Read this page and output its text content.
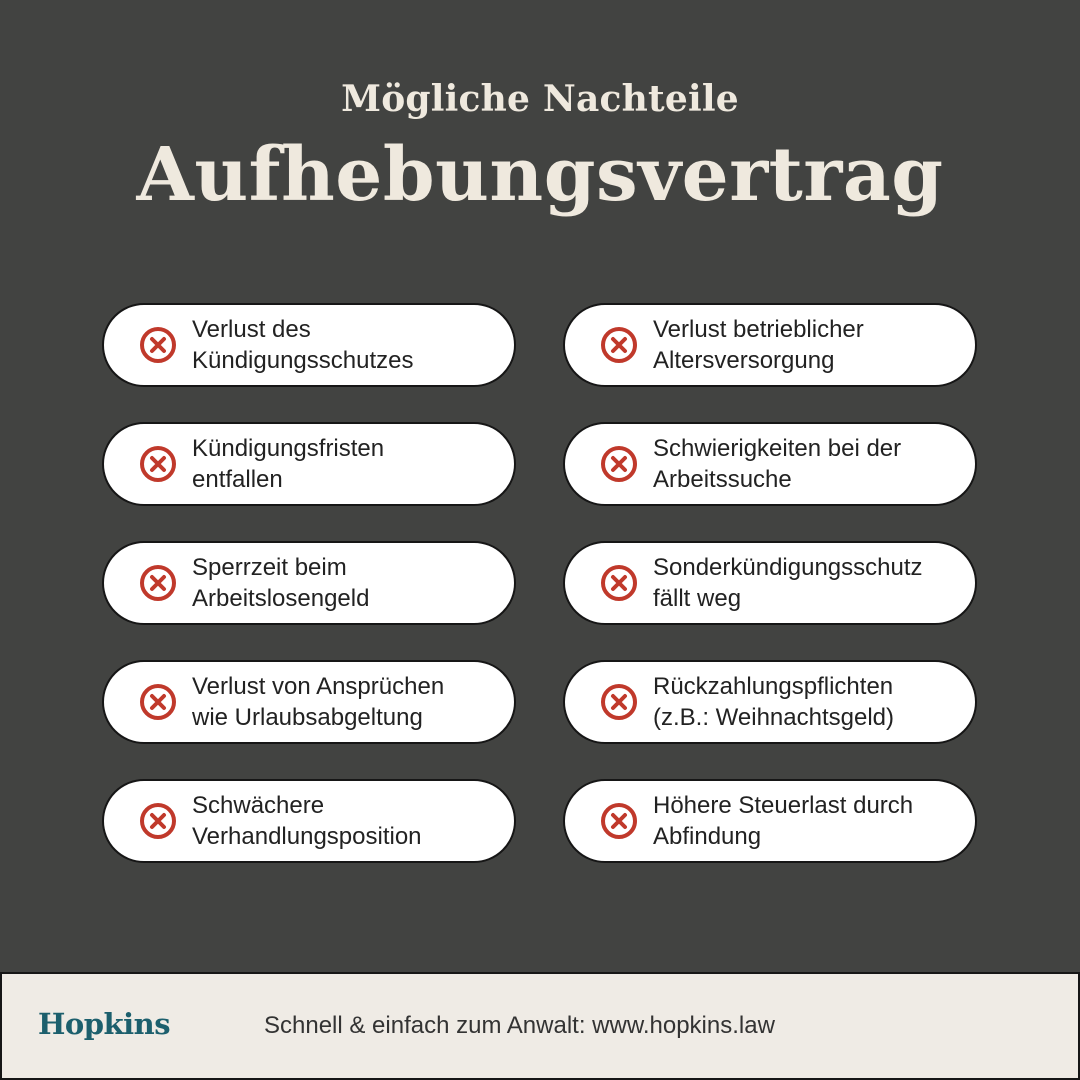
Mögliche Nachteile
Aufhebungsvertrag
Verlust des
Kündigungsschutzes
Verlust betrieblicher
Altersversorgung
Kündigungsfristen
entfallen
Schwierigkeiten bei der
Arbeitssuche
Sperrzeit beim
Arbeitslosengeld
Sonderkündigungsschutz
fällt weg
Verlust von Ansprüchen
wie Urlaubsabgeltung
Rückzahlungspflichten
(z.B.: Weihnachtsgeld)
Schwächere
Verhandlungsposition
Höhere Steuerlast durch
Abfindung
Hopkins	Schnell & einfach zum Anwalt: www.hopkins.law
